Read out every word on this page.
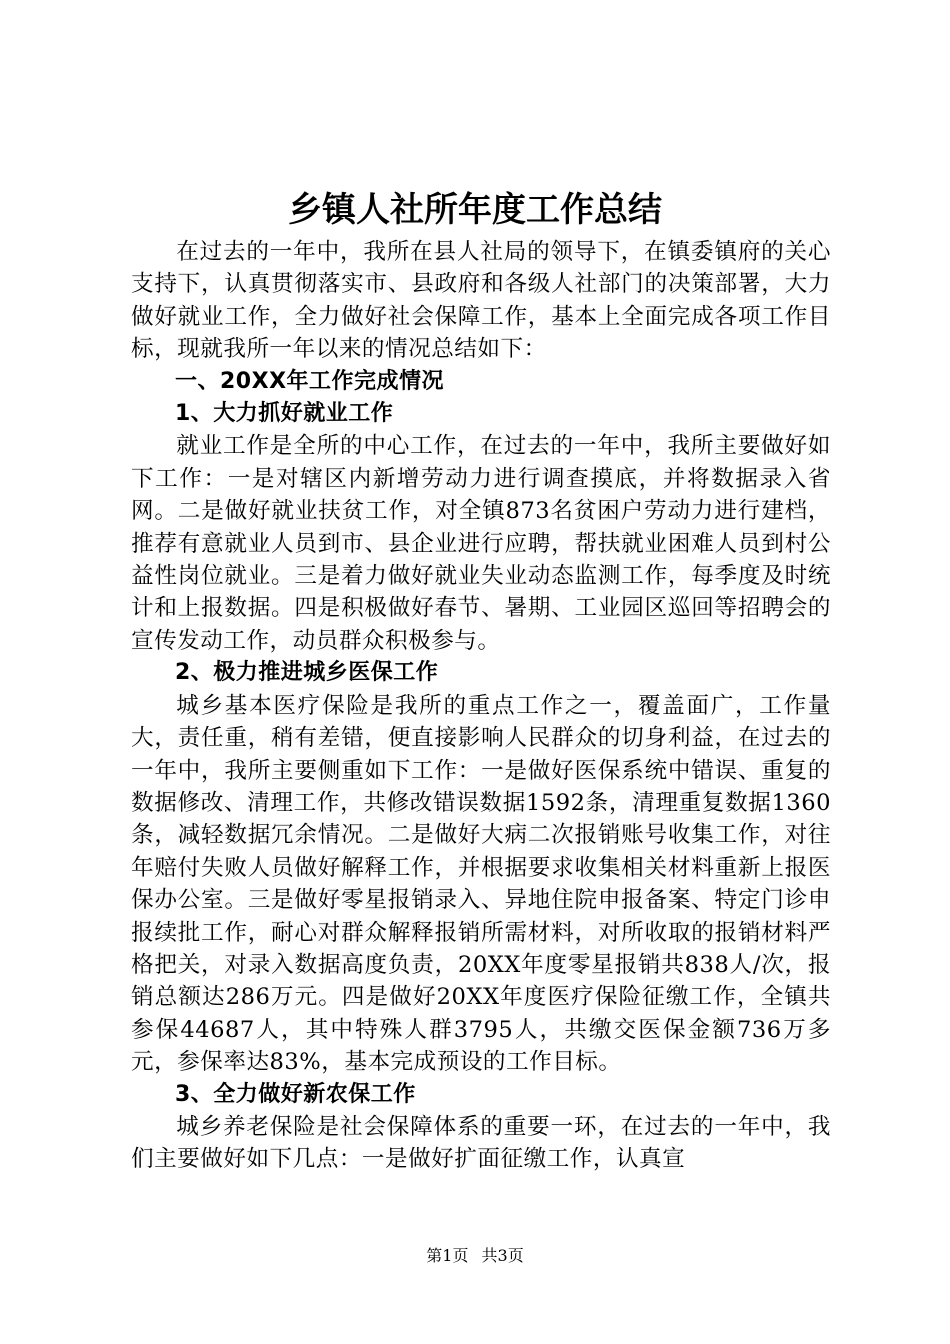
乡镇人社所年度工作总结

在过去的一年中，我所在县人社局的领导下，在镇委镇府的关心支持下，认真贯彻落实市、县政府和各级人社部门的决策部署，大力做好就业工作，全力做好社会保障工作，基本上全面完成各项工作目标，现就我所一年以来的情况总结如下：

一、20XX年工作完成情况

1、大力抓好就业工作

就业工作是全所的中心工作，在过去的一年中，我所主要做好如下工作：一是对辖区内新增劳动力进行调查摸底，并将数据录入省网。二是做好就业扶贫工作，对全镇873名贫困户劳动力进行建档，推荐有意就业人员到市、县企业进行应聘，帮扶就业困难人员到村公益性岗位就业。三是着力做好就业失业动态监测工作，每季度及时统计和上报数据。四是积极做好春节、暑期、工业园区巡回等招聘会的宣传发动工作，动员群众积极参与。

2、极力推进城乡医保工作

城乡基本医疗保险是我所的重点工作之一，覆盖面广，工作量大，责任重，稍有差错，便直接影响人民群众的切身利益，在过去的一年中，我所主要侧重如下工作：一是做好医保系统中错误、重复的数据修改、清理工作，共修改错误数据1592条，清理重复数据1360条，减轻数据冗余情况。二是做好大病二次报销账号收集工作，对往年赔付失败人员做好解释工作，并根据要求收集相关材料重新上报医保办公室。三是做好零星报销录入、异地住院申报备案、特定门诊申报续批工作，耐心对群众解释报销所需材料，对所收取的报销材料严格把关，对录入数据高度负责，20XX年度零星报销共838人/次，报销总额达286万元。四是做好20XX年度医疗保险征缴工作，全镇共参保44687人，其中特殊人群3795人，共缴交医保金额736万多元，参保率达83%，基本完成预设的工作目标。

3、全力做好新农保工作

城乡养老保险是社会保障体系的重要一环，在过去的一年中，我们主要做好如下几点：一是做好扩面征缴工作，认真宣

第1页 共3页
